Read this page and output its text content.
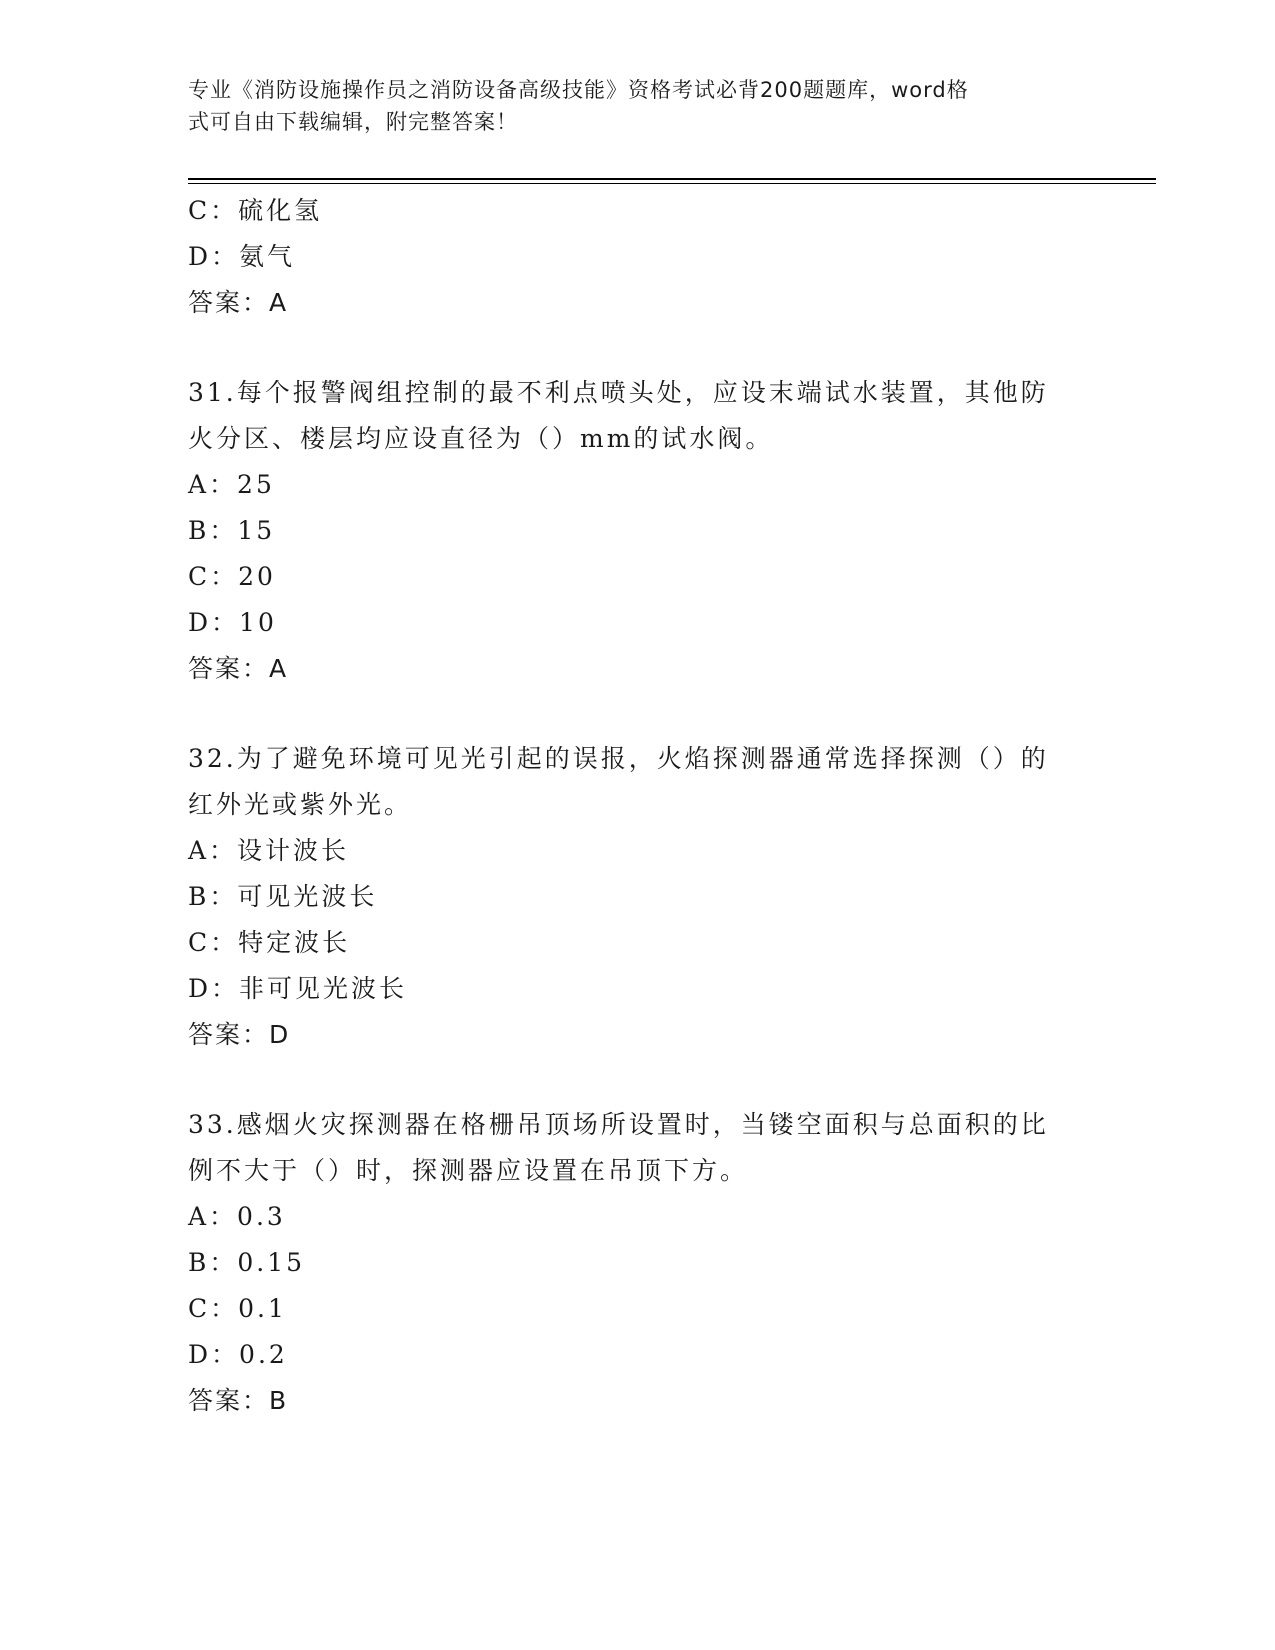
专业《消防设施操作员之消防设备高级技能》资格考试必背200题题库，word格
式可自由下载编辑，附完整答案！
C：硫化氢
D：氨气
答案：A
31.每个报警阀组控制的最不利点喷头处，应设末端试水装置，其他防
火分区、楼层均应设直径为（）mm的试水阀。
A：25
B：15
C：20
D：10
答案：A
32.为了避免环境可见光引起的误报，火焰探测器通常选择探测（）的
红外光或紫外光。
A：设计波长
B：可见光波长
C：特定波长
D：非可见光波长
答案：D
33.感烟火灾探测器在格栅吊顶场所设置时，当镂空面积与总面积的比
例不大于（）时，探测器应设置在吊顶下方。
A：0.3
B：0.15
C：0.1
D：0.2
答案：B
